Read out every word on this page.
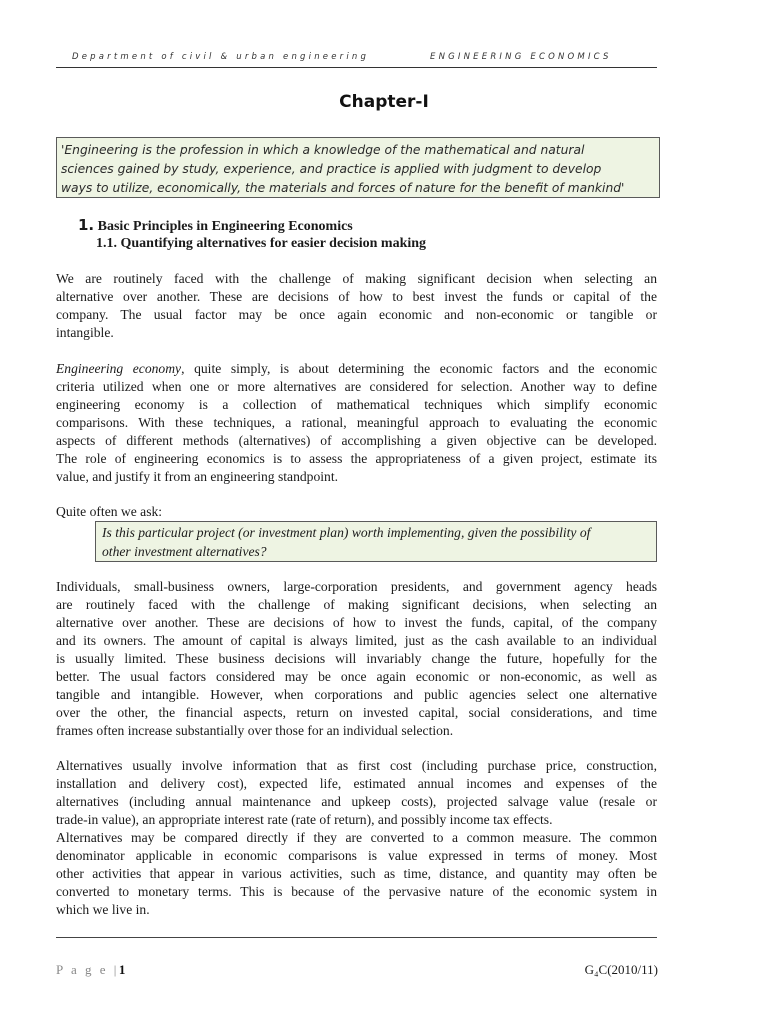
Department of civil & urban engineering	ENGINEERING ECONOMICS
Chapter-I
'Engineering is the profession in which a knowledge of the mathematical and natural
sciences gained by study, experience, and practice is applied with judgment to develop
ways to utilize, economically, the materials and forces of nature for the benefit of mankind'
1. Basic Principles in Engineering Economics
1.1. Quantifying alternatives for easier decision making
We are routinely faced with the challenge of making significant decision when selecting an
alternative over another. These are decisions of how to best invest the funds or capital of the
company. The usual factor may be once again economic and non-economic or tangible or
intangible.
Engineering economy, quite simply, is about determining the economic factors and the economic
criteria utilized when one or more alternatives are considered for selection. Another way to define
engineering economy is a collection of mathematical techniques which simplify economic
comparisons. With these techniques, a rational, meaningful approach to evaluating the economic
aspects of different methods (alternatives) of accomplishing a given objective can be developed.
The role of engineering economics is to assess the appropriateness of a given project, estimate its
value, and justify it from an engineering standpoint.
Quite often we ask:
Is this particular project (or investment plan) worth implementing, given the possibility of
other investment alternatives?
Individuals, small-business owners, large-corporation presidents, and government agency heads
are routinely faced with the challenge of making significant decisions, when selecting an
alternative over another. These are decisions of how to invest the funds, capital, of the company
and its owners. The amount of capital is always limited, just as the cash available to an individual
is usually limited. These business decisions will invariably change the future, hopefully for the
better. The usual factors considered may be once again economic or non-economic, as well as
tangible and intangible. However, when corporations and public agencies select one alternative
over the other, the financial aspects, return on invested capital, social considerations, and time
frames often increase substantially over those for an individual selection.
Alternatives usually involve information that as first cost (including purchase price, construction,
installation and delivery cost), expected life, estimated annual incomes and expenses of the
alternatives (including annual maintenance and upkeep costs), projected salvage value (resale or
trade-in value), an appropriate interest rate (rate of return), and possibly income tax effects.
Alternatives may be compared directly if they are converted to a common measure. The common
denominator applicable in economic comparisons is value expressed in terms of money. Most
other activities that appear in various activities, such as time, distance, and quantity may often be
converted to monetary terms. This is because of the pervasive nature of the economic system in
which we live in.
P a g e |1	G₄C(2010/11)
